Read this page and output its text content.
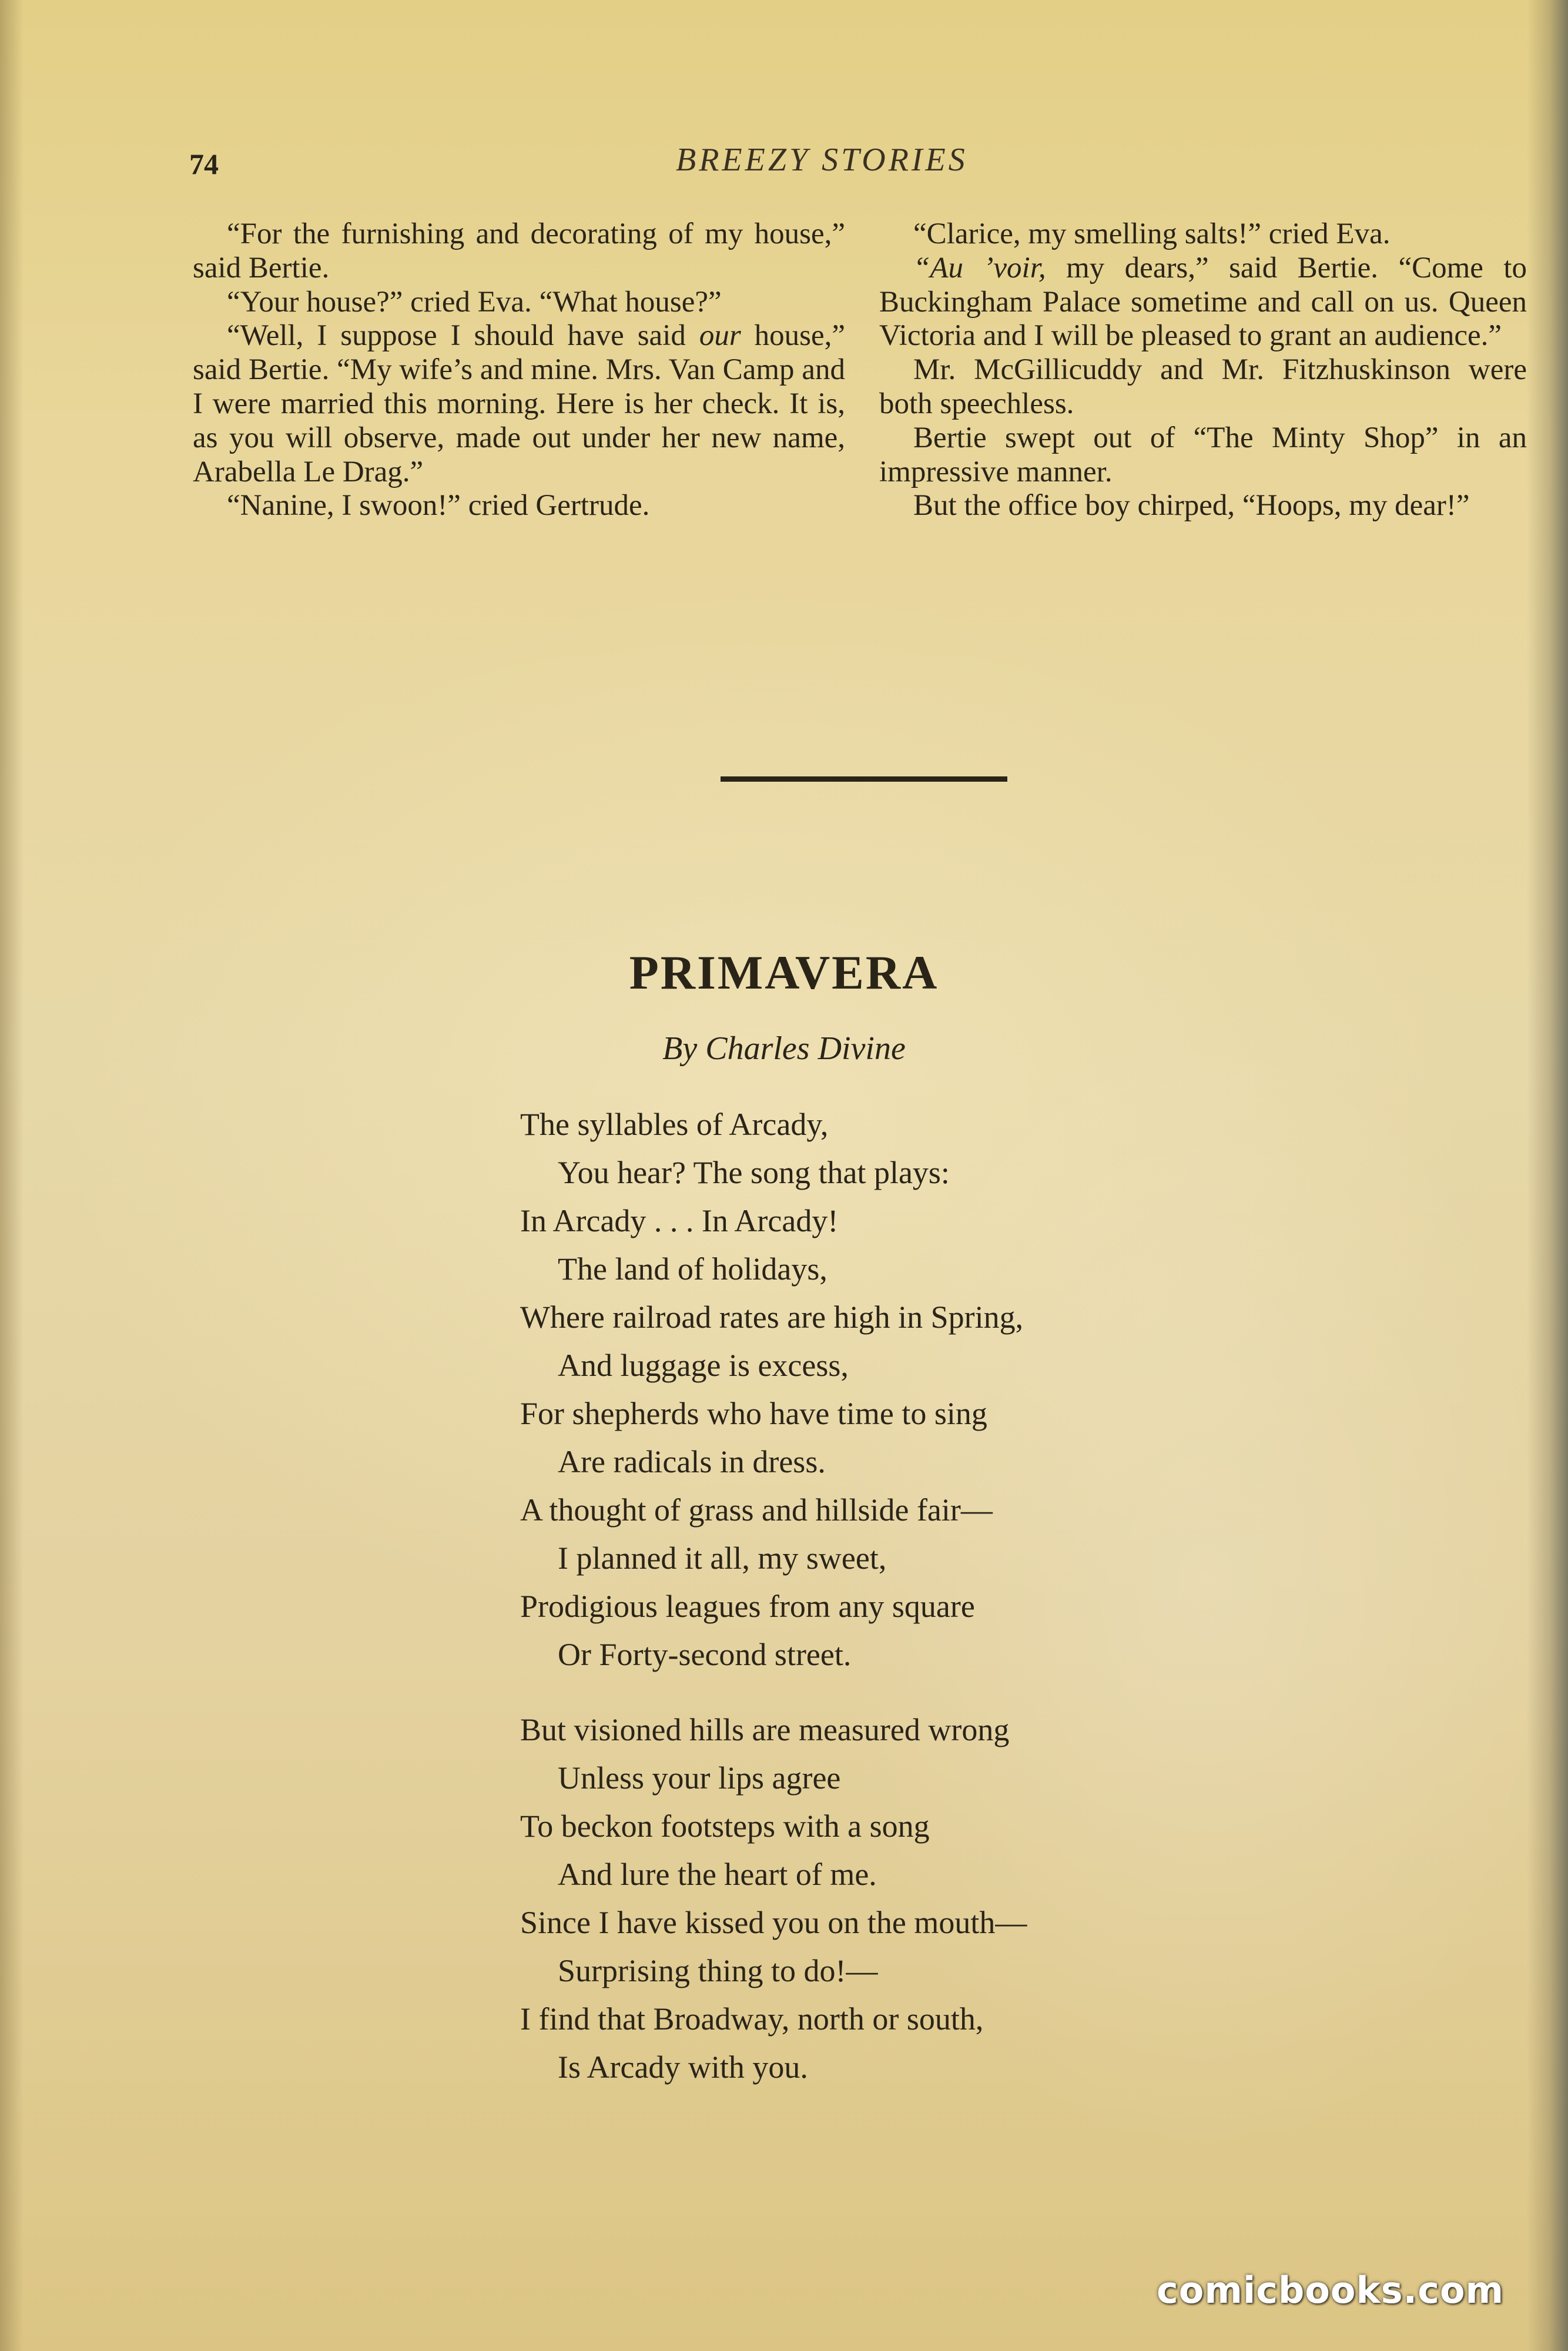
74	BREEZY STORIES

“For the furnishing and decorating of my house,” said Bertie.

“Your house?” cried Eva. “What house?”

“Well, I suppose I should have said our house,” said Bertie. “My wife’s and mine. Mrs. Van Camp and I were married this morning. Here is her check. It is, as you will observe, made out under her new name, Arabella Le Drag.”

“Nanine, I swoon!” cried Gertrude.

“Clarice, my smelling salts!” cried Eva.

“Au ’voir, my dears,” said Bertie. “Come to Buckingham Palace sometime and call on us. Queen Victoria and I will be pleased to grant an audience.”

Mr. McGillicuddy and Mr. Fitzhuskinson were both speechless.

Bertie swept out of “The Minty Shop” in an impressive manner.

But the office boy chirped, “Hoops, my dear!”

PRIMAVERA
By Charles Divine
The syllables of Arcady,
You hear? The song that plays:
In Arcady . . . In Arcady!
The land of holidays,
Where railroad rates are high in Spring,
And luggage is excess,
For shepherds who have time to sing
Are radicals in dress.
A thought of grass and hillside fair—
I planned it all, my sweet,
Prodigious leagues from any square
Or Forty-second street.
But visioned hills are measured wrong
Unless your lips agree
To beckon footsteps with a song
And lure the heart of me.
Since I have kissed you on the mouth—
Surprising thing to do!—
I find that Broadway, north or south,
Is Arcady with you.
comicbooks.com
